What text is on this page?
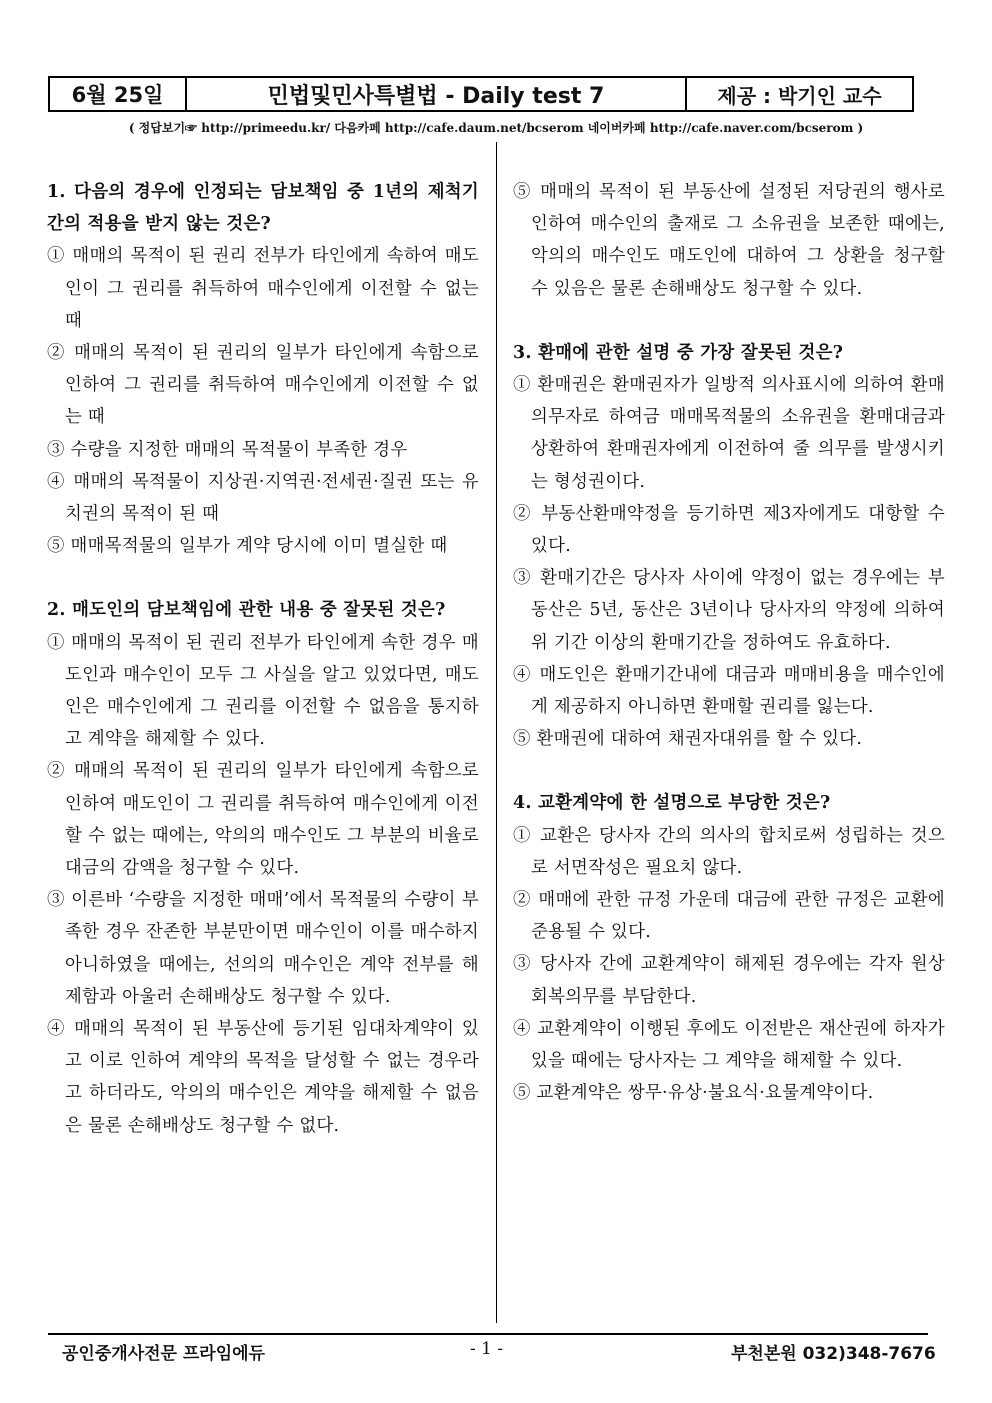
6월 25일	민법및민사특별법 - Daily test 7	제공 : 박기인 교수
( 정답보기☞ http://primeedu.kr/ 다음카페 http://cafe.daum.net/bcserom 네이버카페 http://cafe.naver.com/bcserom )

1. 다음의 경우에 인정되는 담보책임 중 1년의 제척기간의 적용을 받지 않는 것은?

① 매매의 목적이 된 권리 전부가 타인에게 속하여 매도인이 그 권리를 취득하여 매수인에게 이전할 수 없는 때

② 매매의 목적이 된 권리의 일부가 타인에게 속함으로 인하여 그 권리를 취득하여 매수인에게 이전할 수 없는 때

③ 수량을 지정한 매매의 목적물이 부족한 경우

④ 매매의 목적물이 지상권·지역권·전세권·질권 또는 유치권의 목적이 된 때

⑤ 매매목적물의 일부가 계약 당시에 이미 멸실한 때

2. 매도인의 담보책임에 관한 내용 중 잘못된 것은?

① 매매의 목적이 된 권리 전부가 타인에게 속한 경우 매도인과 매수인이 모두 그 사실을 알고 있었다면, 매도인은 매수인에게 그 권리를 이전할 수 없음을 통지하고 계약을 해제할 수 있다.

② 매매의 목적이 된 권리의 일부가 타인에게 속함으로 인하여 매도인이 그 권리를 취득하여 매수인에게 이전할 수 없는 때에는, 악의의 매수인도 그 부분의 비율로 대금의 감액을 청구할 수 있다.

③ 이른바 ‘수량을 지정한 매매’에서 목적물의 수량이 부족한 경우 잔존한 부분만이면 매수인이 이를 매수하지 아니하였을 때에는, 선의의 매수인은 계약 전부를 해제함과 아울러 손해배상도 청구할 수 있다.

④ 매매의 목적이 된 부동산에 등기된 임대차계약이 있고 이로 인하여 계약의 목적을 달성할 수 없는 경우라고 하더라도, 악의의 매수인은 계약을 해제할 수 없음은 물론 손해배상도 청구할 수 없다.

⑤ 매매의 목적이 된 부동산에 설정된 저당권의 행사로 인하여 매수인의 출재로 그 소유권을 보존한 때에는, 악의의 매수인도 매도인에 대하여 그 상환을 청구할 수 있음은 물론 손해배상도 청구할 수 있다.

3. 환매에 관한 설명 중 가장 잘못된 것은?

① 환매권은 환매권자가 일방적 의사표시에 의하여 환매의무자로 하여금 매매목적물의 소유권을 환매대금과 상환하여 환매권자에게 이전하여 줄 의무를 발생시키는 형성권이다.

② 부동산환매약정을 등기하면 제3자에게도 대항할 수 있다.

③ 환매기간은 당사자 사이에 약정이 없는 경우에는 부동산은 5년, 동산은 3년이나 당사자의 약정에 의하여 위 기간 이상의 환매기간을 정하여도 유효하다.

④ 매도인은 환매기간내에 대금과 매매비용을 매수인에게 제공하지 아니하면 환매할 권리를 잃는다.

⑤ 환매권에 대하여 채권자대위를 할 수 있다.

4. 교환계약에 한 설명으로 부당한 것은?

① 교환은 당사자 간의 의사의 합치로써 성립하는 것으로 서면작성은 필요치 않다.

② 매매에 관한 규정 가운데 대금에 관한 규정은 교환에 준용될 수 있다.

③ 당사자 간에 교환계약이 해제된 경우에는 각자 원상회복의무를 부담한다.

④ 교환계약이 이행된 후에도 이전받은 재산권에 하자가 있을 때에는 당사자는 그 계약을 해제할 수 있다.

⑤ 교환계약은 쌍무·유상·불요식·요물계약이다.

공인중개사전문 프라임에듀	- 1 -	부천본원 032)348-7676
